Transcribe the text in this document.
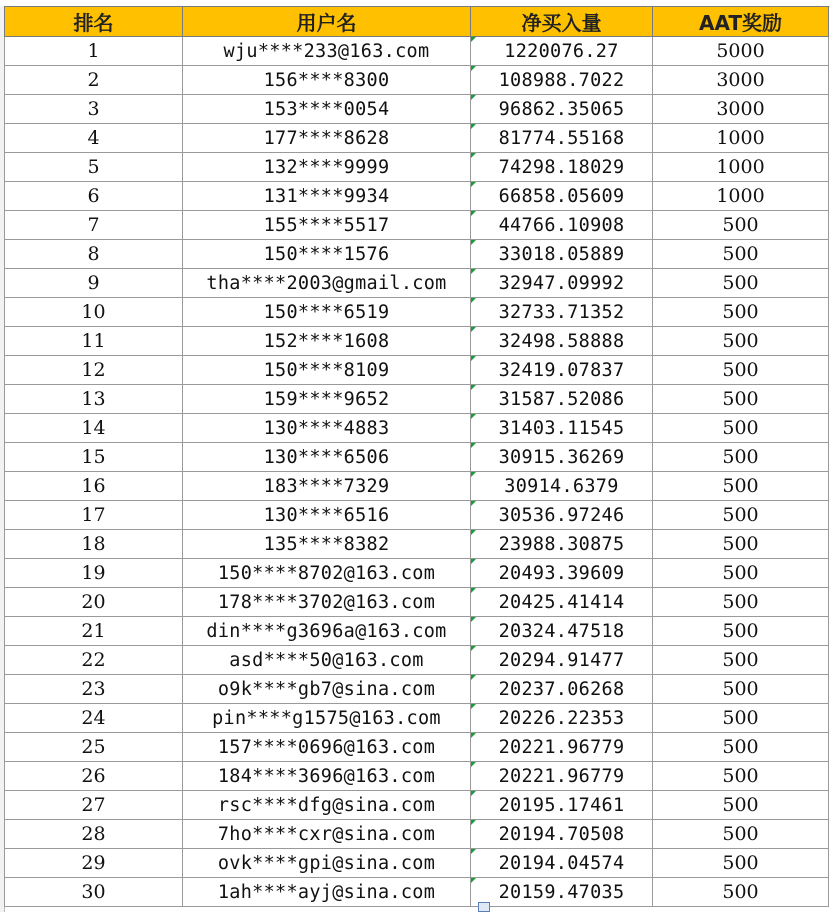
排名	用户名	净买入量	AAT奖励
1	wju****233@163.com	1220076.27	5000
2	156****8300	108988.7022	3000
3	153****0054	96862.35065	3000
4	177****8628	81774.55168	1000
5	132****9999	74298.18029	1000
6	131****9934	66858.05609	1000
7	155****5517	44766.10908	500
8	150****1576	33018.05889	500
9	tha****2003@gmail.com	32947.09992	500
10	150****6519	32733.71352	500
11	152****1608	32498.58888	500
12	150****8109	32419.07837	500
13	159****9652	31587.52086	500
14	130****4883	31403.11545	500
15	130****6506	30915.36269	500
16	183****7329	30914.6379	500
17	130****6516	30536.97246	500
18	135****8382	23988.30875	500
19	150****8702@163.com	20493.39609	500
20	178****3702@163.com	20425.41414	500
21	din****g3696a@163.com	20324.47518	500
22	asd****50@163.com	20294.91477	500
23	o9k****gb7@sina.com	20237.06268	500
24	pin****g1575@163.com	20226.22353	500
25	157****0696@163.com	20221.96779	500
26	184****3696@163.com	20221.96779	500
27	rsc****dfg@sina.com	20195.17461	500
28	7ho****cxr@sina.com	20194.70508	500
29	ovk****gpi@sina.com	20194.04574	500
30	1ah****ayj@sina.com	20159.47035	500
